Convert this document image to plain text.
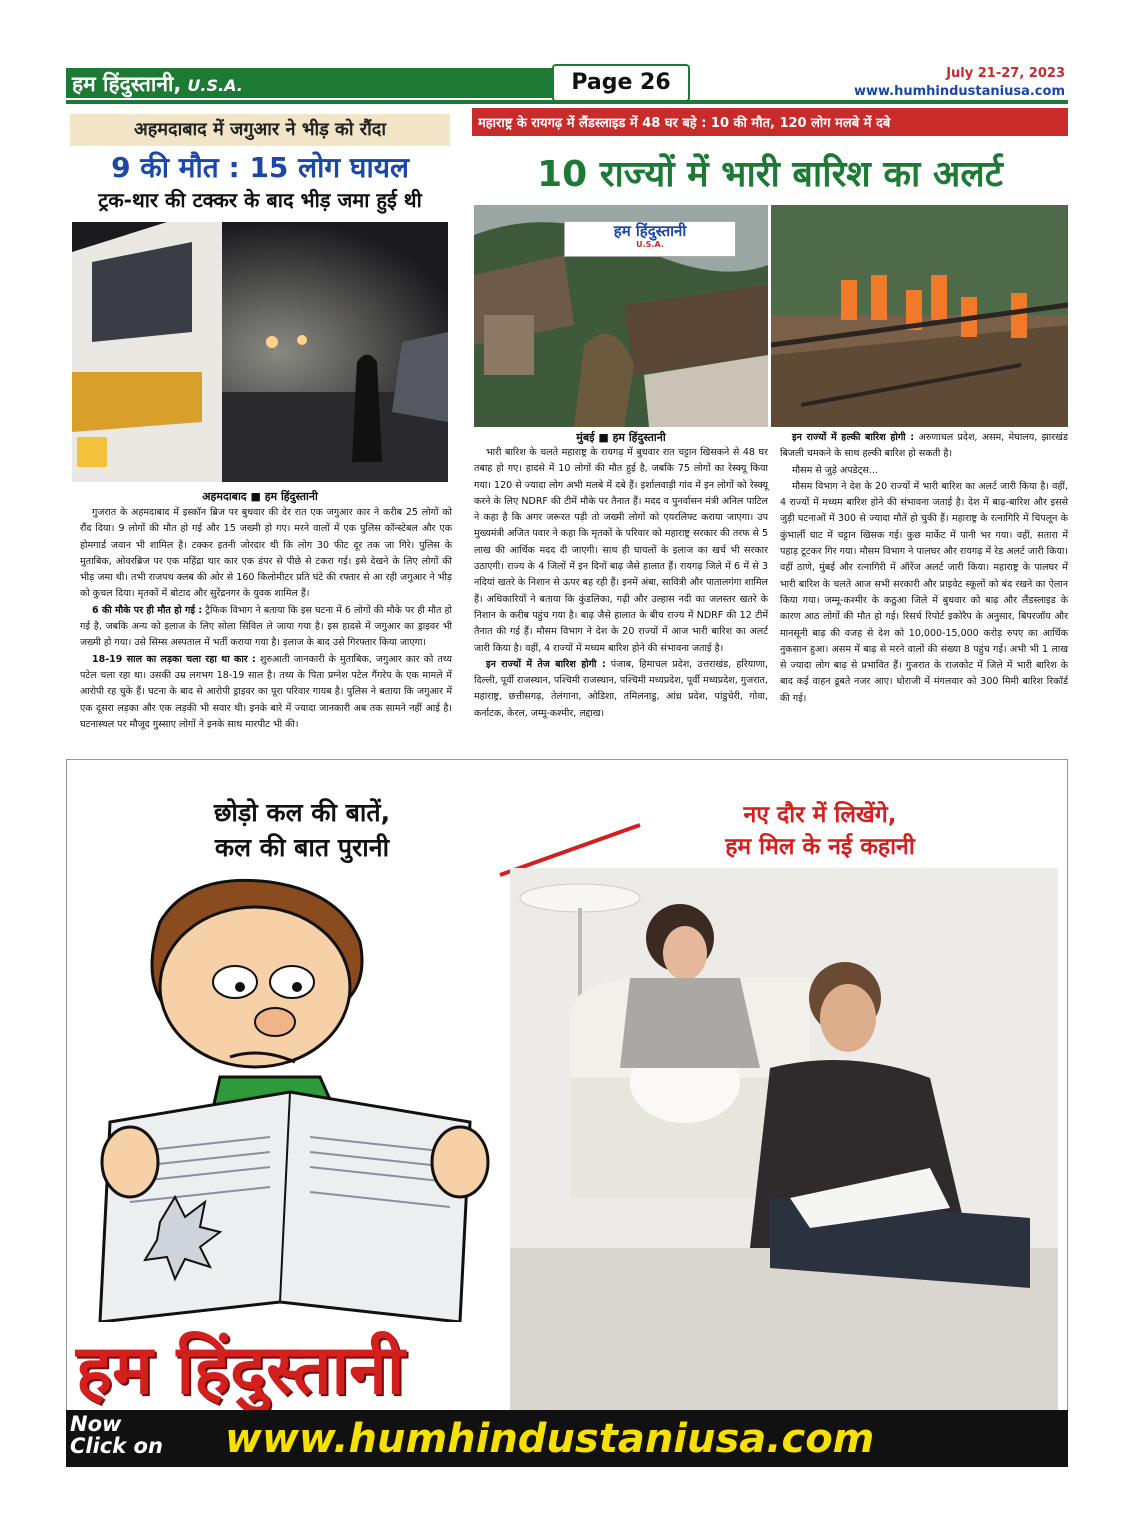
हम हिंदुस्तानी, U.S.A.	Page 26	July 21-27, 2023
www.humhindustaniusa.com
अहमदाबाद में जगुआर ने भीड़ को रौंदा
9 की मौत : 15 लोग घायल
ट्रक-थार की टक्कर के बाद भीड़ जमा हुई थी
अहमदाबाद ■ हम हिंदुस्तानी

गुजरात के अहमदाबाद में इस्कॉन ब्रिज पर बुधवार की देर रात एक जगुआर कार ने करीब 25 लोगों को रौंद दिया। 9 लोगों की मौत हो गई और 15 जख्मी हो गए। मरने वालों में एक पुलिस कॉन्स्टेबल और एक होमगार्ड जवान भी शामिल है। टक्कर इतनी जोरदार थी कि लोग 30 फीट दूर तक जा गिरे। पुलिस के मुताबिक, ओवरब्रिज पर एक महिंद्रा थार कार एक डंपर से पीछे से टकरा गई। इसे देखने के लिए लोगों की भीड़ जमा थी। तभी राजपथ क्लब की ओर से 160 किलोमीटर प्रति घंटे की रफ्तार से आ रही जगुआर ने भीड़ को कुचल दिया। मृतकों में बोटाद और सुरेंद्रनगर के युवक शामिल हैं।

6 की मौके पर ही मौत हो गई : ट्रैफिक विभाग ने बताया कि इस घटना में 6 लोगों की मौके पर ही मौत हो गई है, जबकि अन्य को इलाज के लिए सोला सिविल ले जाया गया है। इस हादसे में जगुआर का ड्राइवर भी जख्मी हो गया। उसे सिम्स अस्पताल में भर्ती कराया गया है। इलाज के बाद उसे गिरफ्तार किया जाएगा।

18-19 साल का लड़का चला रहा था कार : शुरुआती जानकारी के मुताबिक, जगुआर कार को तथ्य पटेल चला रहा था। उसकी उम्र लगभग 18-19 साल है। तथ्य के पिता प्रग्नेश पटेल गैंगरेप के एक मामले में आरोपी रह चुके हैं। घटना के बाद से आरोपी ड्राइवर का पूरा परिवार गायब है। पुलिस ने बताया कि जगुआर में एक दूसरा लड़का और एक लड़की भी सवार थी। इनके बारे में ज्यादा जानकारी अब तक सामने नहीं आई है। घटनास्थल पर मौजूद गुस्साए लोगों ने इनके साथ मारपीट भी की।

महाराष्ट्र के रायगढ़ में लैंडस्लाइड में 48 घर बहे : 10 की मौत, 120 लोग मलबे में दबे
10 राज्यों में भारी बारिश का अलर्ट
हम हिंदुस्तानी
U.S.A.
मुंबई ■ हम हिंदुस्तानी

भारी बारिश के चलते महाराष्ट्र के रायगढ़ में बुधवार रात चट्टान खिसकने से 48 घर तबाह हो गए। हादसे में 10 लोगों की मौत हुई है, जबकि 75 लोगों का रेस्क्यू किया गया। 120 से ज्यादा लोग अभी मलबे में दबे हैं। इर्शालवाड़ी गांव में इन लोगों को रेस्क्यू करने के लिए NDRF की टीमें मौके पर तैनात हैं। मदद व पुनर्वासन मंत्री अनिल पाटिल ने कहा है कि अगर जरूरत पड़ी तो जख्मी लोगों को एयरलिफ्ट कराया जाएगा। उप मुख्यमंत्री अजित पवार ने कहा कि मृतकों के परिवार को महाराष्ट्र सरकार की तरफ से 5 लाख की आर्थिक मदद दी जाएगी। साथ ही घायलों के इलाज का खर्च भी सरकार उठाएगी। राज्य के 4 जिलों में इन दिनों बाढ़ जैसे हालात हैं। रायगढ़ जिले में 6 में से 3 नदियां खतरे के निशान से ऊपर बह रही हैं। इनमें अंबा, सावित्री और पातालगंगा शामिल हैं। अधिकारियों ने बताया कि कुंडलिका, गढ़ी और उल्हास नदी का जलस्तर खतरे के निशान के करीब पहुंच गया है। बाढ़ जैसे हालात के बीच राज्य में NDRF की 12 टीमें तैनात की गई हैं। मौसम विभाग ने देश के 20 राज्यों में आज भारी बारिश का अलर्ट जारी किया है। वहीं, 4 राज्यों में मध्यम बारिश होने की संभावना जताई है।

इन राज्यों में तेज बारिश होगी : पंजाब, हिमाचल प्रदेश, उत्तराखंड, हरियाणा, दिल्ली, पूर्वी राजस्थान, पश्चिमी राजस्थान, पश्चिमी मध्यप्रदेश, पूर्वी मध्यप्रदेश, गुजरात, महाराष्ट्र, छत्तीसगढ़, तेलंगाना, ओडिशा, तमिलनाडु, आंध्र प्रदेश, पांडुचेरी, गोवा, कर्नाटक, केरल, जम्मू-कश्मीर, लद्दाख।

इन राज्यों में हल्की बारिश होगी : अरुणाचल प्रदेश, असम, मेघालय, झारखंड बिजली चमकने के साथ हल्की बारिश हो सकती है।

मौसम से जुड़े अपडेट्स...

मौसम विभाग ने देश के 20 राज्यों में भारी बारिश का अलर्ट जारी किया है। वहीं, 4 राज्यों में मध्यम बारिश होने की संभावना जताई है। देश में बाढ़-बारिश और इससे जुड़ी घटनाओं में 300 से ज्यादा मौतें हो चुकी हैं। महाराष्ट्र के रत्नागिरि में चिपलून के कुंभार्ली घाट में चट्टान खिसक गई। कुछ मार्केट में पानी भर गया। वहीं, सतारा में पहाड़ टूटकर गिर गया। मौसम विभाग ने पालघर और रायगढ़ में रेड अलर्ट जारी किया। वहीं ठाणे, मुंबई और रत्नागिरी में ऑरेंज अलर्ट जारी किया। महाराष्ट्र के पालघर में भारी बारिश के चलते आज सभी सरकारी और प्राइवेट स्कूलों को बंद रखने का ऐलान किया गया। जम्मू-कश्मीर के कठुआ जिले में बुधवार को बाढ़ और लैंडस्लाइड के कारण आठ लोगों की मौत हो गई। रिसर्च रिपोर्ट इकोरैप के अनुसार, बिपरजॉय और मानसूनी बाढ़ की वजह से देश को 10,000-15,000 करोड़ रुपए का आर्थिक नुकसान हुआ। असम में बाढ़ से मरने वालों की संख्या 8 पहुंच गई। अभी भी 1 लाख से ज्यादा लोग बाढ़ से प्रभावित हैं। गुजरात के राजकोट में जिले में भारी बारिश के बाद कई वाहन डूबते नजर आए। धोराजी में मंगलवार को 300 मिमी बारिश रिकॉर्ड की गई।

छोड़ो कल की बातें,
कल की बात पुरानी
नए दौर में लिखेंगे,
हम मिल के नई कहानी
हम हिंदुस्तानी
Now
Click on www.humhindustaniusa.com
